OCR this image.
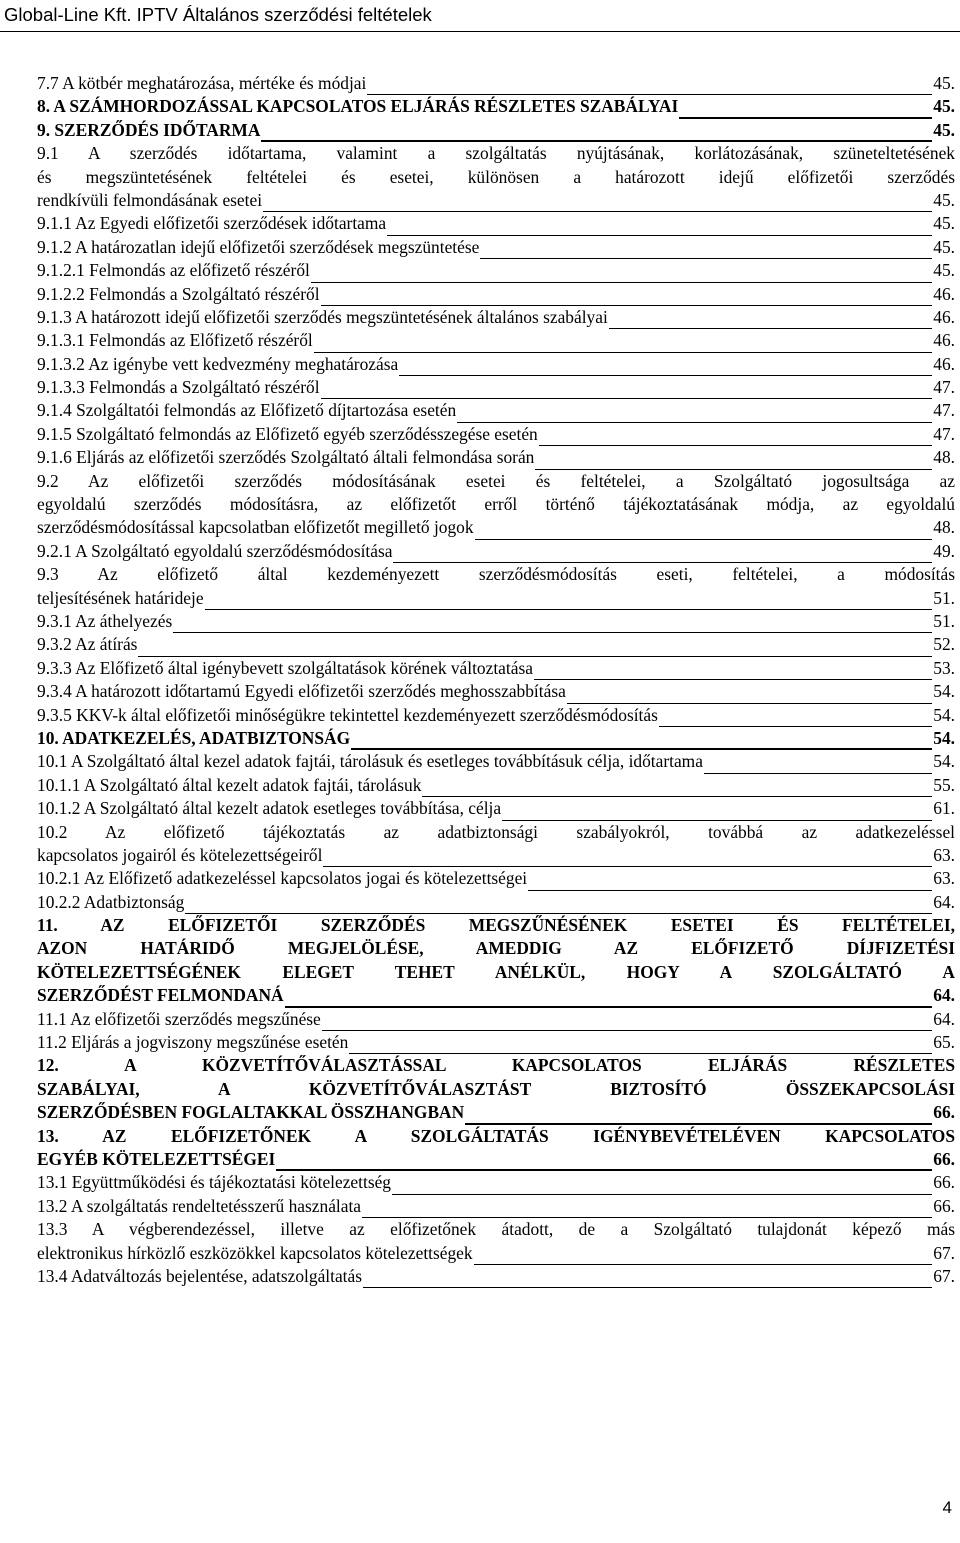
Global-Line Kft. IPTV Általános szerződési feltételek
7.7 A kötbér meghatározása, mértéke és módjai	45.
8. A SZÁMHORDOZÁSSAL KAPCSOLATOS ELJÁRÁS RÉSZLETES SZABÁLYAI	45.
9. SZERZŐDÉS IDŐTARMA	45.
9.1 A szerződés időtartama, valamint a szolgáltatás nyújtásának, korlátozásának, szüneteltetésének
és megszüntetésének feltételei és esetei, különösen a határozott idejű előfizetői szerződés
rendkívüli felmondásának esetei	45.
9.1.1 Az Egyedi előfizetői szerződések időtartama	45.
9.1.2 A határozatlan idejű előfizetői szerződések megszüntetése	45.
9.1.2.1 Felmondás az előfizető részéről	45.
9.1.2.2 Felmondás a Szolgáltató részéről	46.
9.1.3 A határozott idejű előfizetői szerződés megszüntetésének általános szabályai	46.
9.1.3.1 Felmondás az Előfizető részéről	46.
9.1.3.2 Az igénybe vett kedvezmény meghatározása	46.
9.1.3.3 Felmondás a Szolgáltató részéről	47.
9.1.4 Szolgáltatói felmondás az Előfizető díjtartozása esetén	47.
9.1.5 Szolgáltató felmondás az Előfizető egyéb szerződésszegése esetén	47.
9.1.6 Eljárás az előfizetői szerződés Szolgáltató általi felmondása során	48.
9.2 Az előfizetői szerződés módosításának esetei és feltételei, a Szolgáltató jogosultsága az
egyoldalú szerződés módosításra, az előfizetőt erről történő tájékoztatásának módja, az egyoldalú
szerződésmódosítással kapcsolatban előfizetőt megillető jogok	48.
9.2.1 A Szolgáltató egyoldalú szerződésmódosítása	49.
9.3 Az előfizető által kezdeményezett szerződésmódosítás eseti, feltételei, a módosítás
teljesítésének határideje	51.
9.3.1 Az áthelyezés	51.
9.3.2 Az átírás	52.
9.3.3 Az Előfizető által igénybevett szolgáltatások körének változtatása	53.
9.3.4 A határozott időtartamú Egyedi előfizetői szerződés meghosszabbítása	54.
9.3.5 KKV-k által előfizetői minőségükre tekintettel kezdeményezett szerződésmódosítás	54.
10. ADATKEZELÉS, ADATBIZTONSÁG	54.
10.1 A Szolgáltató által kezel adatok fajtái, tárolásuk és esetleges továbbításuk célja, időtartama	54.
10.1.1 A Szolgáltató által kezelt adatok fajtái, tárolásuk	55.
10.1.2 A Szolgáltató által kezelt adatok esetleges továbbítása, célja	61.
10.2 Az előfizető tájékoztatás az adatbiztonsági szabályokról, továbbá az adatkezeléssel
kapcsolatos jogairól és kötelezettségeiről	63.
10.2.1 Az Előfizető adatkezeléssel kapcsolatos jogai és kötelezettségei	63.
10.2.2 Adatbiztonság	64.
11. AZ ELŐFIZETŐI SZERZŐDÉS MEGSZŰNÉSÉNEK ESETEI ÉS FELTÉTELEI,
AZON HATÁRIDŐ MEGJELÖLÉSE, AMEDDIG AZ ELŐFIZETŐ DÍJFIZETÉSI
KÖTELEZETTSÉGÉNEK ELEGET TEHET ANÉLKÜL, HOGY A SZOLGÁLTATÓ A
SZERZŐDÉST FELMONDANÁ	64.
11.1 Az előfizetői szerződés megszűnése	64.
11.2 Eljárás a jogviszony megszűnése esetén	65.
12. A KÖZVETÍTŐVÁLASZTÁSSAL KAPCSOLATOS ELJÁRÁS RÉSZLETES
SZABÁLYAI, A KÖZVETÍTŐVÁLASZTÁST BIZTOSÍTÓ ÖSSZEKAPCSOLÁSI
SZERZŐDÉSBEN FOGLALTAKKAL ÖSSZHANGBAN	66.
13. AZ ELŐFIZETŐNEK A SZOLGÁLTATÁS IGÉNYBEVÉTELÉVEN KAPCSOLATOS
EGYÉB KÖTELEZETTSÉGEI	66.
13.1 Együttműködési és tájékoztatási kötelezettség	66.
13.2 A szolgáltatás rendeltetésszerű használata	66.
13.3 A végberendezéssel, illetve az előfizetőnek átadott, de a Szolgáltató tulajdonát képező más
elektronikus hírközlő eszközökkel kapcsolatos kötelezettségek	67.
13.4 Adatváltozás bejelentése, adatszolgáltatás	67.
4
